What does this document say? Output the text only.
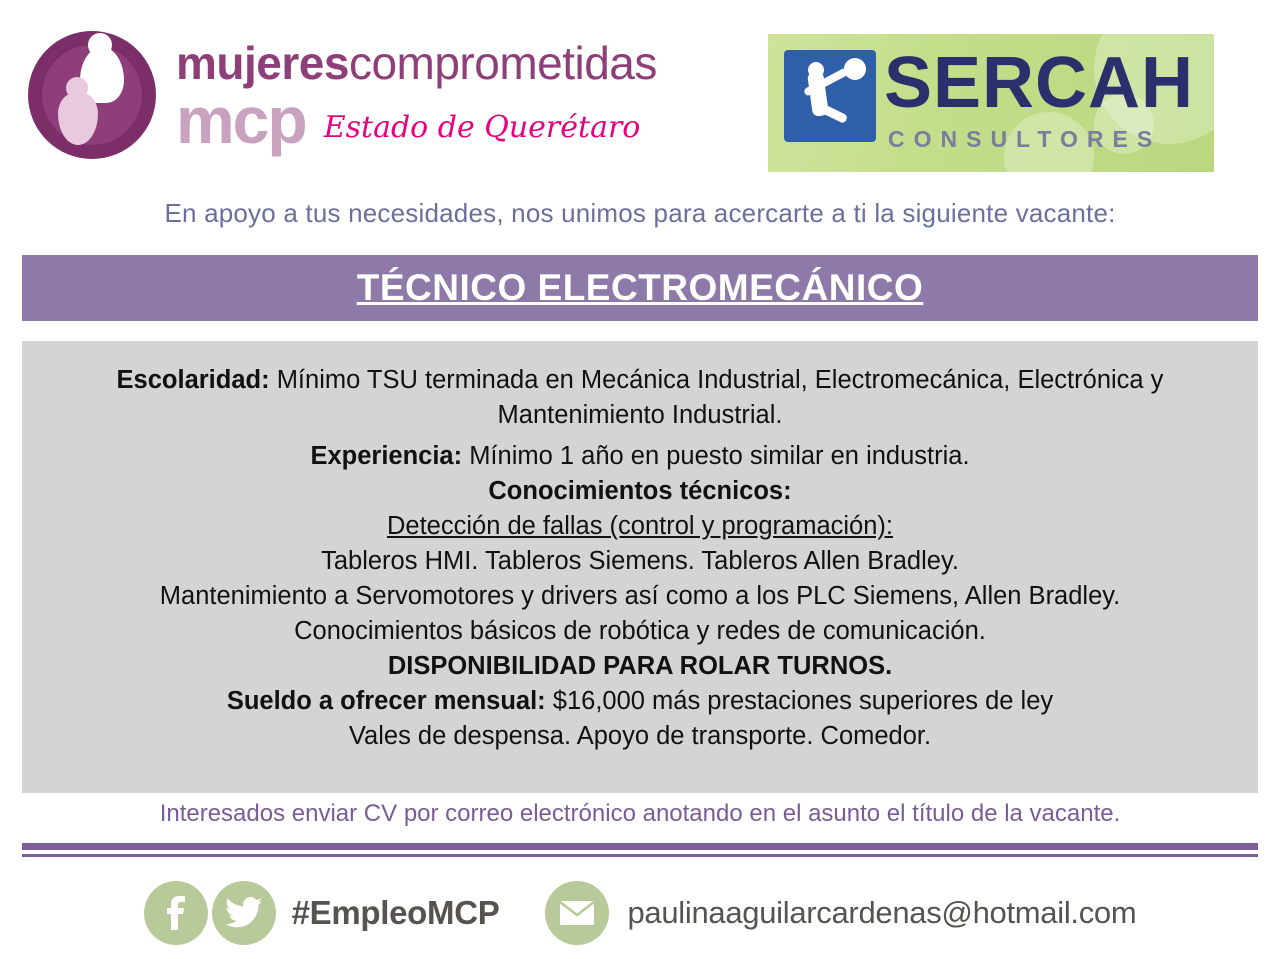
mujerescomprometidas
mcp Estado de Querétaro
SERCAH
CONSULTORES
En apoyo a tus necesidades, nos unimos para acercarte a ti la siguiente vacante:
TÉCNICO ELECTROMECÁNICO
Escolaridad: Mínimo TSU terminada en Mecánica Industrial, Electromecánica, Electrónica y Mantenimiento Industrial.
Experiencia: Mínimo 1 año en puesto similar en industria.
Conocimientos técnicos:
Detección de fallas (control y programación):
Tableros HMI. Tableros Siemens. Tableros Allen Bradley.
Mantenimiento a Servomotores y drivers así como a los PLC Siemens, Allen Bradley.
Conocimientos básicos de robótica y redes de comunicación.
DISPONIBILIDAD PARA ROLAR TURNOS.
Sueldo a ofrecer mensual: $16,000 más prestaciones superiores de ley
Vales de despensa. Apoyo de transporte. Comedor.
Interesados enviar CV por correo electrónico anotando en el asunto el título de la vacante.
#EmpleoMCP	paulinaaguilarcardenas@hotmail.com
